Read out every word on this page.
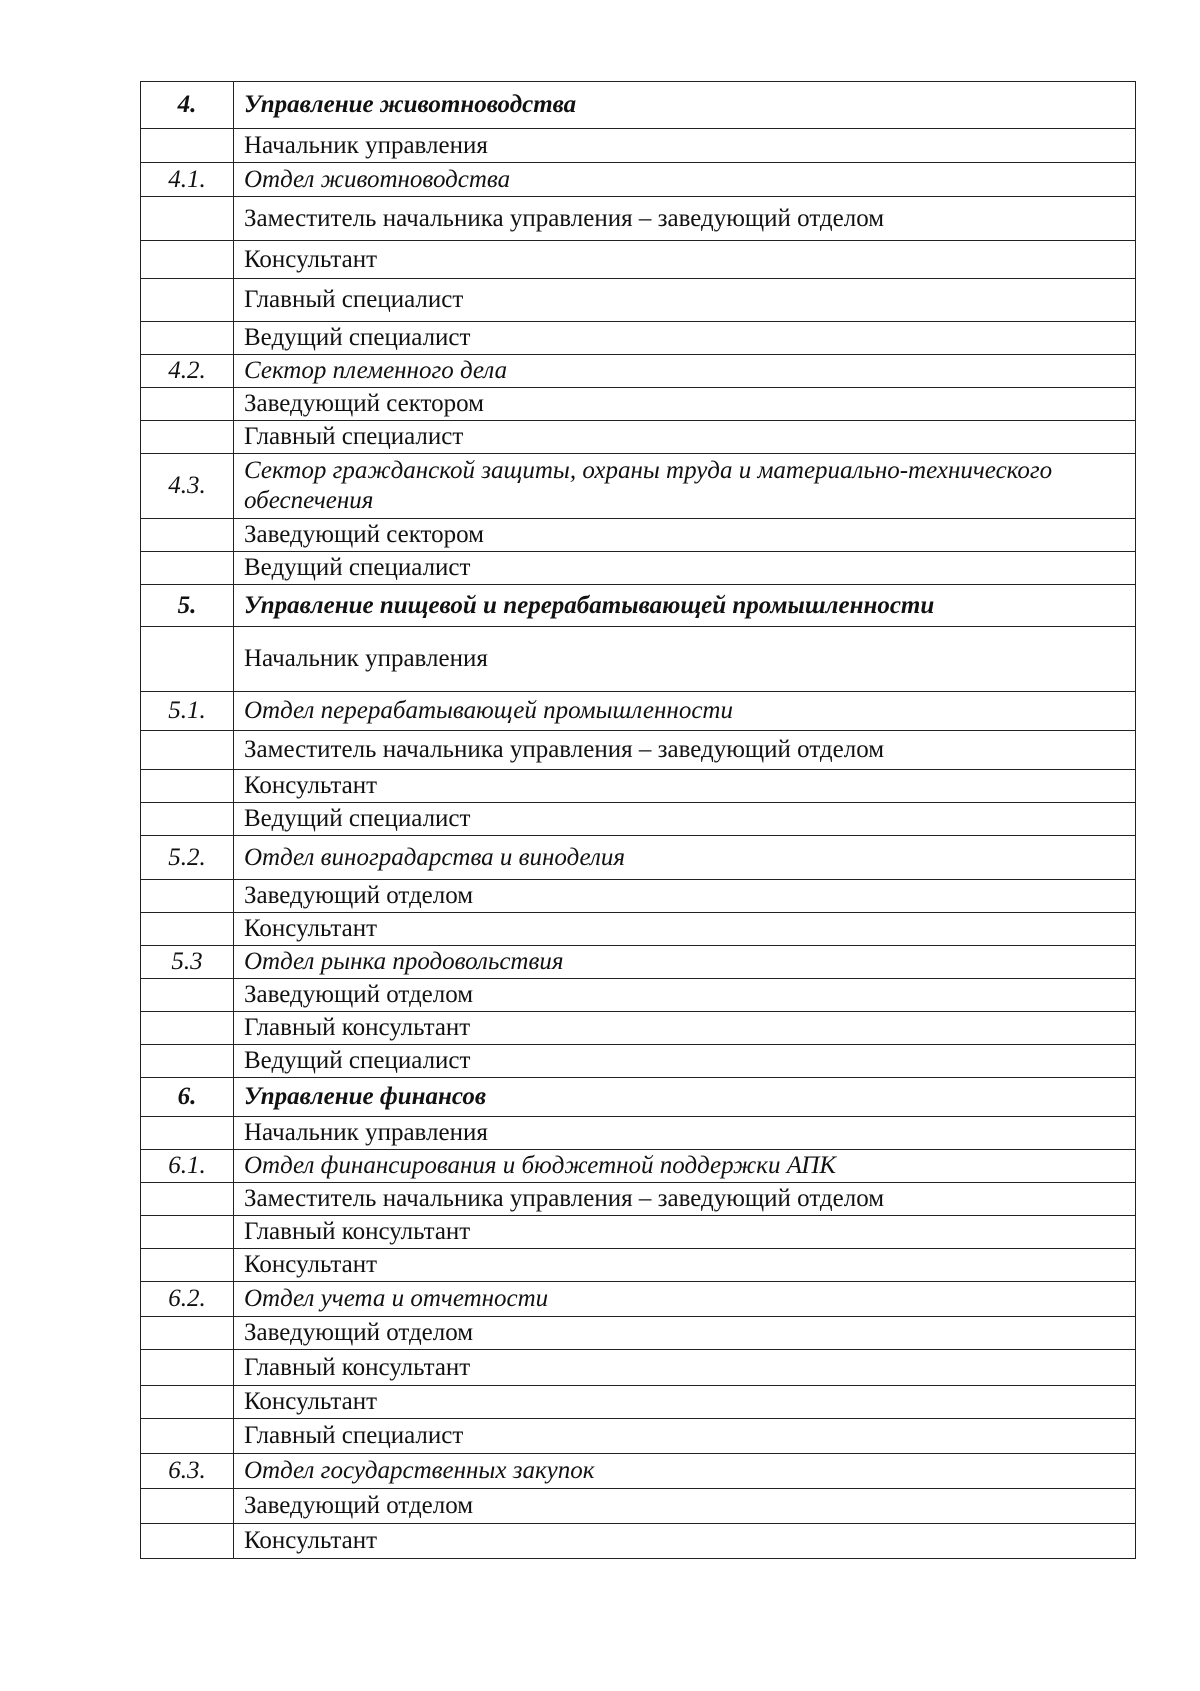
4.	Управление животноводства
	Начальник управления
4.1.	Отдел животноводства
	Заместитель начальника управления – заведующий отделом
	Консультант
	Главный специалист
	Ведущий специалист
4.2.	Сектор племенного дела
	Заведующий сектором
	Главный специалист
4.3.	Сектор гражданской защиты, охраны труда и материально-технического обеспечения
	Заведующий сектором
	Ведущий специалист
5.	Управление пищевой и перерабатывающей промышленности
	Начальник управления
5.1.	Отдел перерабатывающей промышленности
	Заместитель начальника управления – заведующий отделом
	Консультант
	Ведущий специалист
5.2.	Отдел виноградарства и виноделия
	Заведующий отделом
	Консультант
5.3	Отдел рынка продовольствия
	Заведующий отделом
	Главный консультант
	Ведущий специалист
6.	Управление финансов
	Начальник управления
6.1.	Отдел финансирования и бюджетной поддержки АПК
	Заместитель начальника управления – заведующий отделом
	Главный консультант
	Консультант
6.2.	Отдел учета и отчетности
	Заведующий отделом
	Главный консультант
	Консультант
	Главный специалист
6.3.	Отдел государственных закупок
	Заведующий отделом
	Консультант
